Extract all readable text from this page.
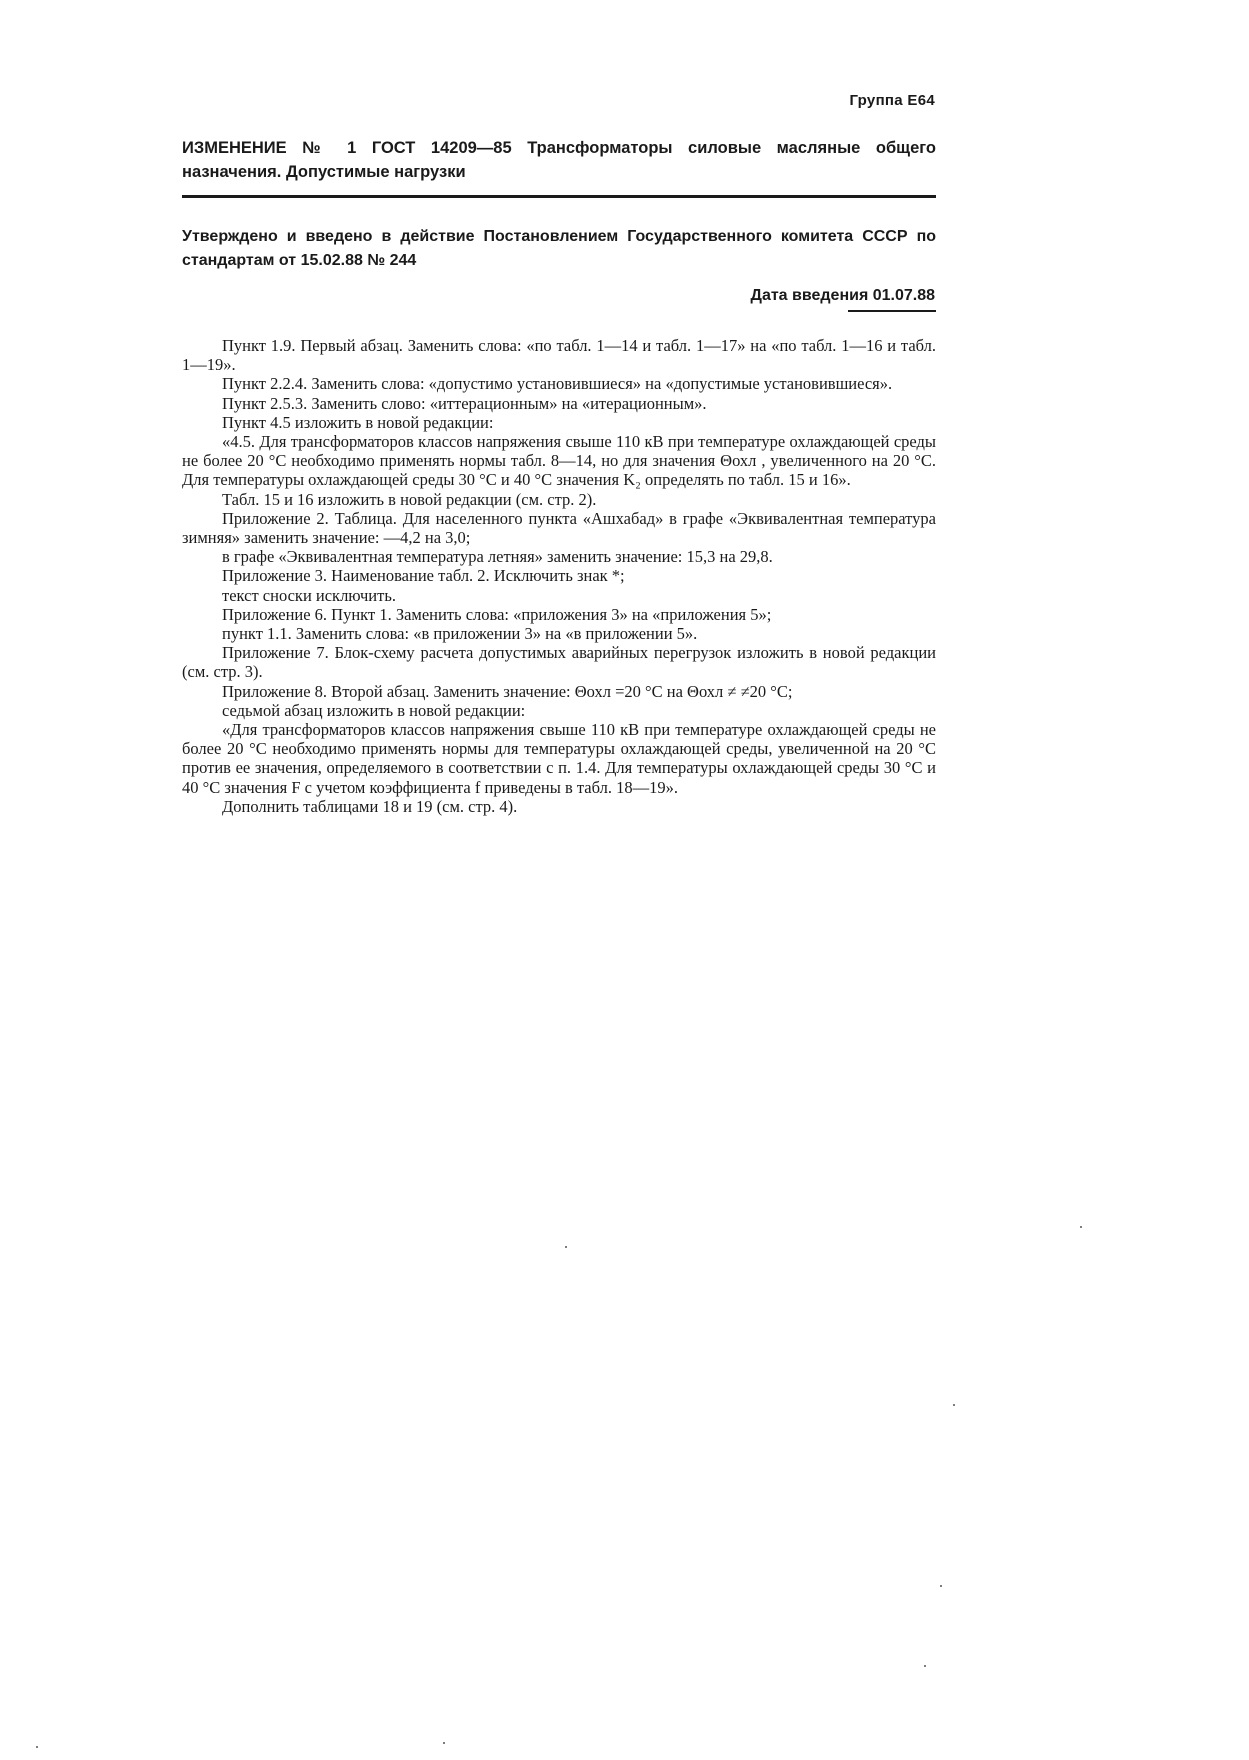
Группа Е64
ИЗМЕНЕНИЕ № 1 ГОСТ 14209—85 Трансформаторы силовые масляные общего назначения. Допустимые нагрузки
Утверждено и введено в действие Постановлением Государственного комитета СССР по стандартам от 15.02.88 № 244
Дата введения 01.07.88

Пункт 1.9. Первый абзац. Заменить слова: «по табл. 1—14 и табл. 1—17» на «по табл. 1—16 и табл. 1—19».

Пункт 2.2.4. Заменить слова: «допустимо установившиеся» на «допустимые установившиеся».

Пункт 2.5.3. Заменить слово: «иттерационным» на «итерационным».

Пункт 4.5 изложить в новой редакции:

«4.5. Для трансформаторов классов напряжения свыше 110 кВ при температуре охлаждающей среды не более 20 °С необходимо применять нормы табл. 8—14, но для значения Θохл , увеличенного на 20 °С. Для температуры охлаждающей среды 30 °С и 40 °С значения K₂ определять по табл. 15 и 16».

Табл. 15 и 16 изложить в новой редакции (см. стр. 2).

Приложение 2. Таблица. Для населенного пункта «Ашхабад» в графе «Эквивалентная температура зимняя» заменить значение: —4,2 на 3,0;

в графе «Эквивалентная температура летняя» заменить значение: 15,3 на 29,8.

Приложение 3. Наименование табл. 2. Исключить знак *;

текст сноски исключить.

Приложение 6. Пункт 1. Заменить слова: «приложения 3» на «приложения 5»;

пункт 1.1. Заменить слова: «в приложении 3» на «в приложении 5».

Приложение 7. Блок-схему расчета допустимых аварийных перегрузок изложить в новой редакции (см. стр. 3).

Приложение 8. Второй абзац. Заменить значение: Θохл =20 °С на Θохл ≠ ≠20 °С;

седьмой абзац изложить в новой редакции:

«Для трансформаторов классов напряжения свыше 110 кВ при температуре охлаждающей среды не более 20 °С необходимо применять нормы для температуры охлаждающей среды, увеличенной на 20 °С против ее значения, определяемого в соответствии с п. 1.4. Для температуры охлаждающей среды 30 °С и 40 °С значения F с учетом коэффициента f приведены в табл. 18—19».

Дополнить таблицами 18 и 19 (см. стр. 4).
